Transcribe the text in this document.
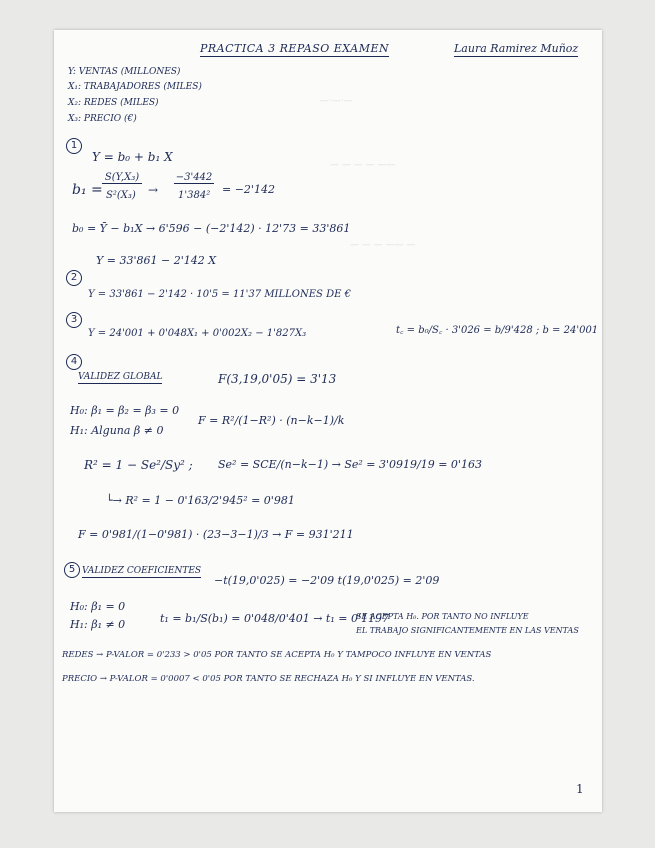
—·—·—
— — — — ——
— — — —— —
PRACTICA 3 REPASO EXAMEN	Laura Ramirez Muñoz
Y: VENTAS (MILLONES)
X₁: TRABAJADORES (MILES)
X₂: REDES (MILES)
X₃: PRECIO (€)
1
Y = b₀ + b₁ X
b₁ =
S(Y,X₃)
S²(X₃) →
−3'442
1'384² = −2'142
b₀ = Ȳ − b₁X → 6'596 − (−2'142) · 12'73 = 33'861
Y = 33'861 − 2'142 X
2
Y = 33'861 − 2'142 · 10'5 = 11'37 MILLONES DE €
3
Y = 24'001 + 0'048X₁ + 0'002X₂ − 1'827X₃	t꜀ = b₀/S꜀ · 3'026 = b/9'428 ; b = 24'001
4
VALIDEZ GLOBAL	F(3,19,0'05) = 3'13
H₀: β₁ = β₂ = β₃ = 0
H₁: Alguna β ≠ 0
F = R²/(1−R²) · (n−k−1)/k
R² = 1 − Se²/Sy² ; Se² = SCE/(n−k−1) → Se² = 3'0919/19 = 0'163
└→ R² = 1 − 0'163/2'945² = 0'981
F = 0'981/(1−0'981) · (23−3−1)/3 → F = 931'211
5 VALIDEZ COEFICIENTES
−t(19,0'025) = −2'09 t(19,0'025) = 2'09
H₀: β₁ = 0
H₁: β₁ ≠ 0	t₁ = b₁/S(b₁) = 0'048/0'401 → t₁ = 0'1197
SE ACEPTA H₀. POR TANTO NO INFLUYE
EL TRABAJO SIGNIFICANTEMENTE EN LAS VENTAS
REDES → P-VALOR = 0'233 > 0'05 POR TANTO SE ACEPTA H₀ Y TAMPOCO INFLUYE EN VENTAS
PRECIO → P-VALOR = 0'0007 < 0'05 POR TANTO SE RECHAZA H₀ Y SI INFLUYE EN VENTAS.
1
